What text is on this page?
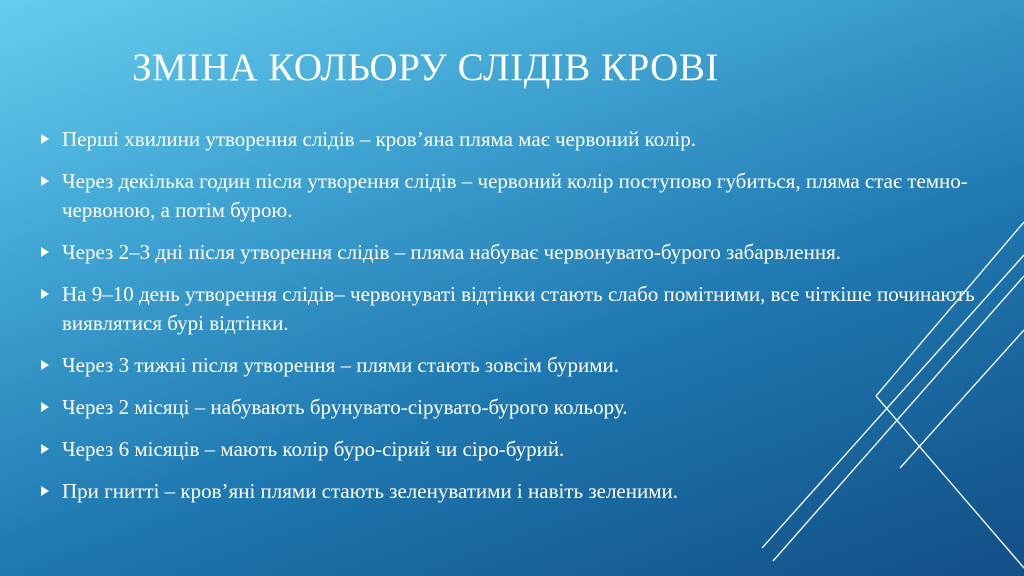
ЗМІНА КОЛЬОРУ СЛІДІВ КРОВІ
Перші хвилини утворення слідів – кров’яна пляма має червоний колір.
Через декілька годин після утворення слідів – червоний колір поступово губиться, пляма стає темно-червоною, а потім бурою.
Через 2–3 дні після утворення слідів – пляма набуває червонувато-бурого забарвлення.
На 9–10 день утворення слідів– червонуваті відтінки стають слабо помітними, все чіткіше починають виявлятися бурі відтінки.
Через 3 тижні після утворення – плями стають зовсім бурими.
Через 2 місяці – набувають брунувато-сірувато-бурого кольору.
Через 6 місяців – мають колір буро-сірий чи сіро-бурий.
При гнитті – кров’яні плями стають зеленуватими і навіть зеленими.
